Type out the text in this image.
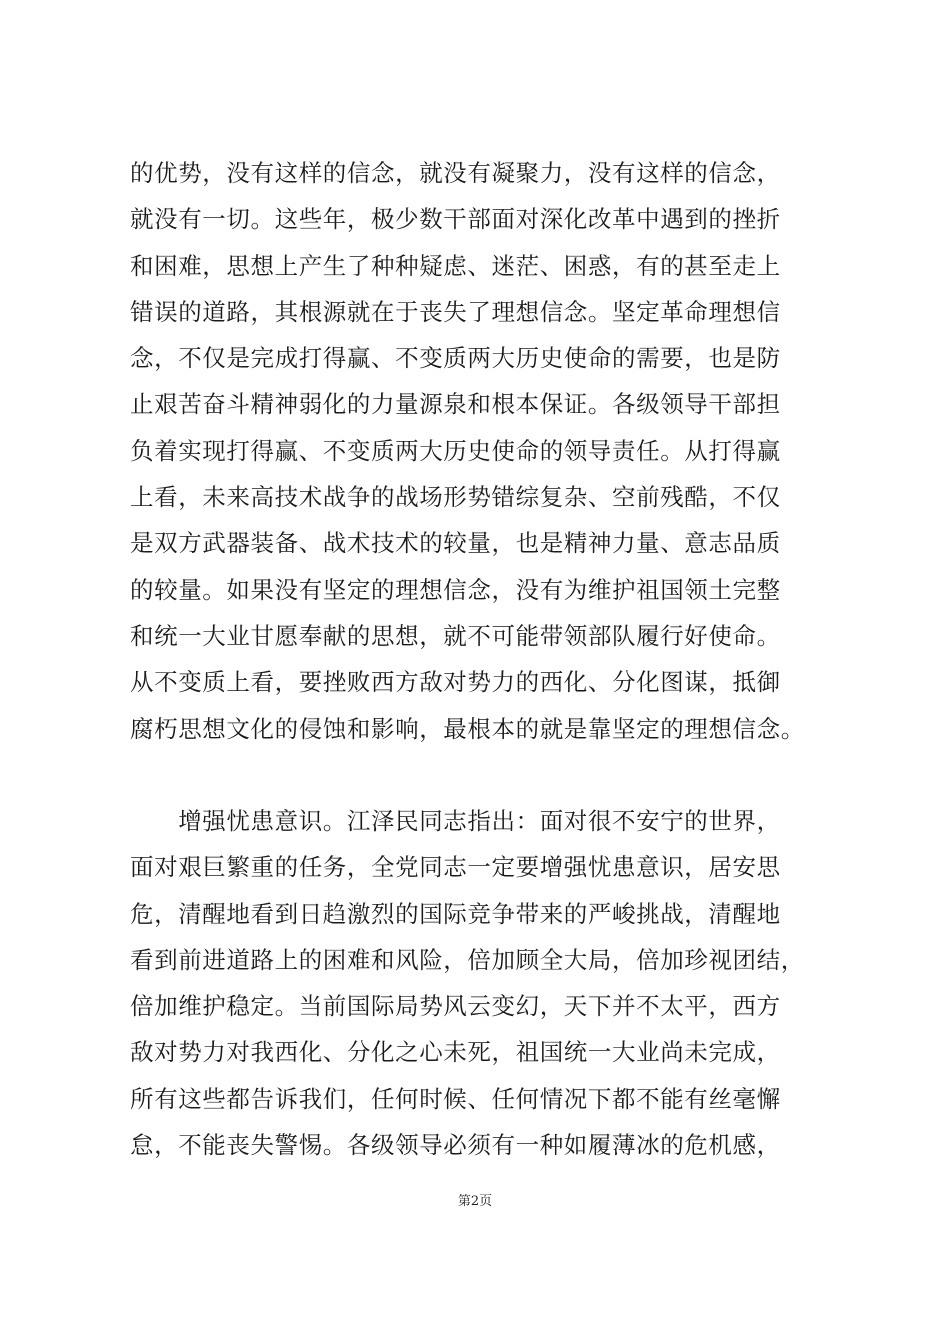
的优势，没有这样的信念，就没有凝聚力，没有这样的信念，
就没有一切。这些年，极少数干部面对深化改革中遇到的挫折
和困难，思想上产生了种种疑虑、迷茫、困惑，有的甚至走上
错误的道路，其根源就在于丧失了理想信念。坚定革命理想信
念，不仅是完成打得赢、不变质两大历史使命的需要，也是防
止艰苦奋斗精神弱化的力量源泉和根本保证。各级领导干部担
负着实现打得赢、不变质两大历史使命的领导责任。从打得赢
上看，未来高技术战争的战场形势错综复杂、空前残酷，不仅
是双方武器装备、战术技术的较量，也是精神力量、意志品质
的较量。如果没有坚定的理想信念，没有为维护祖国领土完整
和统一大业甘愿奉献的思想，就不可能带领部队履行好使命。
从不变质上看，要挫败西方敌对势力的西化、分化图谋，抵御
腐朽思想文化的侵蚀和影响，最根本的就是靠坚定的理想信念。
　　增强忧患意识。江泽民同志指出：面对很不安宁的世界，
面对艰巨繁重的任务，全党同志一定要增强忧患意识，居安思
危，清醒地看到日趋激烈的国际竞争带来的严峻挑战，清醒地
看到前进道路上的困难和风险，倍加顾全大局，倍加珍视团结，
倍加维护稳定。当前国际局势风云变幻，天下并不太平，西方
敌对势力对我西化、分化之心未死，祖国统一大业尚未完成，
所有这些都告诉我们，任何时候、任何情况下都不能有丝毫懈
怠，不能丧失警惕。各级领导必须有一种如履薄冰的危机感，
第2页
